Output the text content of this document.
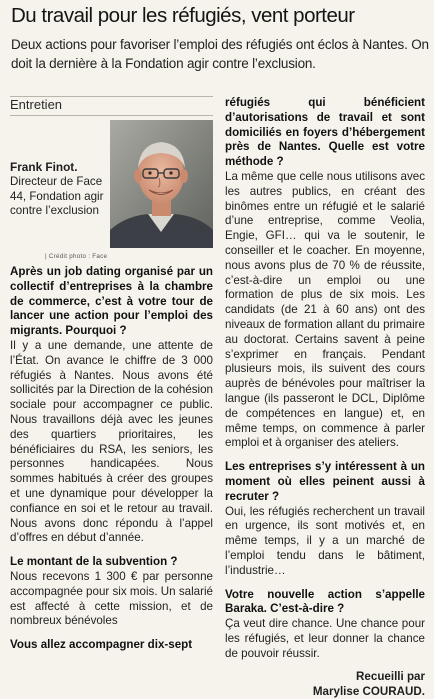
Du travail pour les réfugiés, vent porteur
Deux actions pour favoriser l’emploi des réfugiés ont éclos à Nantes. On doit la dernière à la Fondation agir contre l’exclusion.
Entretien
Frank Finot.
Directeur de Face 44, Fondation agir contre l’exclusion
| Crédit photo : Face

Après un job dating organisé par un collectif d’entreprises à la chambre de commerce, c’est à votre tour de lancer une action pour l’emploi des migrants. Pourquoi ?

Il y a une demande, une attente de l’État. On avance le chiffre de 3 000 réfugiés à Nantes. Nous avons été sollicités par la Direction de la cohésion sociale pour accompagner ce public. Nous travaillons déjà avec les jeunes des quartiers prioritaires, les bénéficiaires du RSA, les seniors, les personnes handicapées. Nous sommes habitués à créer des groupes et une dynamique pour développer la confiance en soi et le retour au travail. Nous avons donc répondu à l’appel d’offres en début d’année.

Le montant de la subvention ?

Nous recevons 1 300 € par personne accompagnée pour six mois. Un salarié est affecté à cette mission, et de nombreux bénévoles

Vous allez accompagner dix-sept

réfugiés qui bénéficient d’autorisations de travail et sont domiciliés en foyers d’hébergement près de Nantes. Quelle est votre méthode ?

La même que celle nous utilisons avec les autres publics, en créant des binômes entre un réfugié et le salarié d’une entreprise, comme Veolia, Engie, GFI… qui va le soutenir, le conseiller et le coacher. En moyenne, nous avons plus de 70 % de réussite, c’est-à-dire un emploi ou une formation de plus de six mois. Les candidats (de 21 à 60 ans) ont des niveaux de formation allant du primaire au doctorat. Certains savent à peine s’exprimer en français. Pendant plusieurs mois, ils suivent des cours auprès de bénévoles pour maîtriser la langue (ils passeront le DCL, Diplôme de compétences en langue) et, en même temps, on commence à parler emploi et à organiser des ateliers.

Les entreprises s’y intéressent à un moment où elles peinent aussi à recruter ?

Oui, les réfugiés recherchent un travail en urgence, ils sont motivés et, en même temps, il y a un marché de l’emploi tendu dans le bâtiment, l’industrie…

Votre nouvelle action s’appelle Baraka. C’est-à-dire ?

Ça veut dire chance. Une chance pour les réfugiés, et leur donner la chance de pouvoir réussir.

Recueilli par
Marylise COURAUD.
